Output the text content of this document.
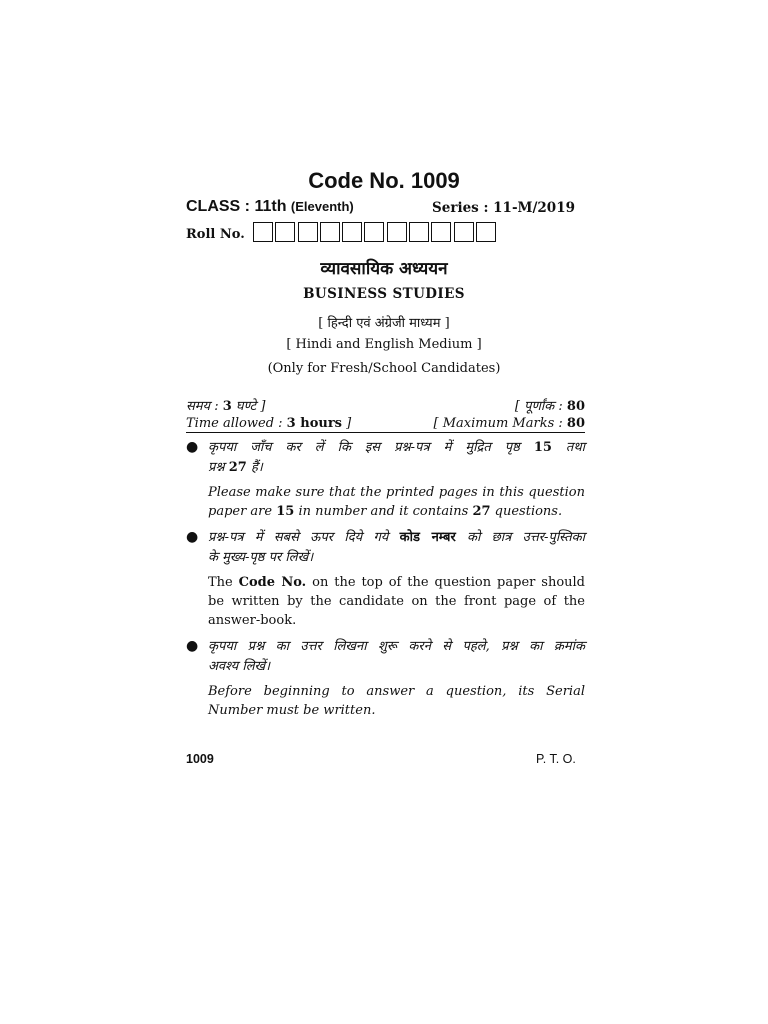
Code No. 1009
CLASS : 11th (Eleventh)	Series : 11-M/2019
Roll No.
व्यावसायिक अध्ययन
BUSINESS STUDIES
[ हिन्दी एवं अंग्रेजी माध्यम ]
[ Hindi and English Medium ]
(Only for Fresh/School Candidates)
समय : 3 घण्टे ]	[ पूर्णांक : 80
Time allowed : 3 hours ]	[ Maximum Marks : 80
● कृपया जाँच कर लें कि इस प्रश्न-पत्र में मुद्रित पृष्ठ 15 तथा
प्रश्न 27 हैं।
Please make sure that the printed pages in this question paper are 15 in number and it contains 27 questions.
● प्रश्न-पत्र में सबसे ऊपर दिये गये कोड नम्बर को छात्र उत्तर-पुस्तिका
के मुख्य-पृष्ठ पर लिखें।
The Code No. on the top of the question paper should be written by the candidate on the front page of the answer-book.
● कृपया प्रश्न का उत्तर लिखना शुरू करने से पहले, प्रश्न का क्रमांक
अवश्य लिखें।
Before beginning to answer a question, its Serial Number must be written.
1009	P. T. O.
